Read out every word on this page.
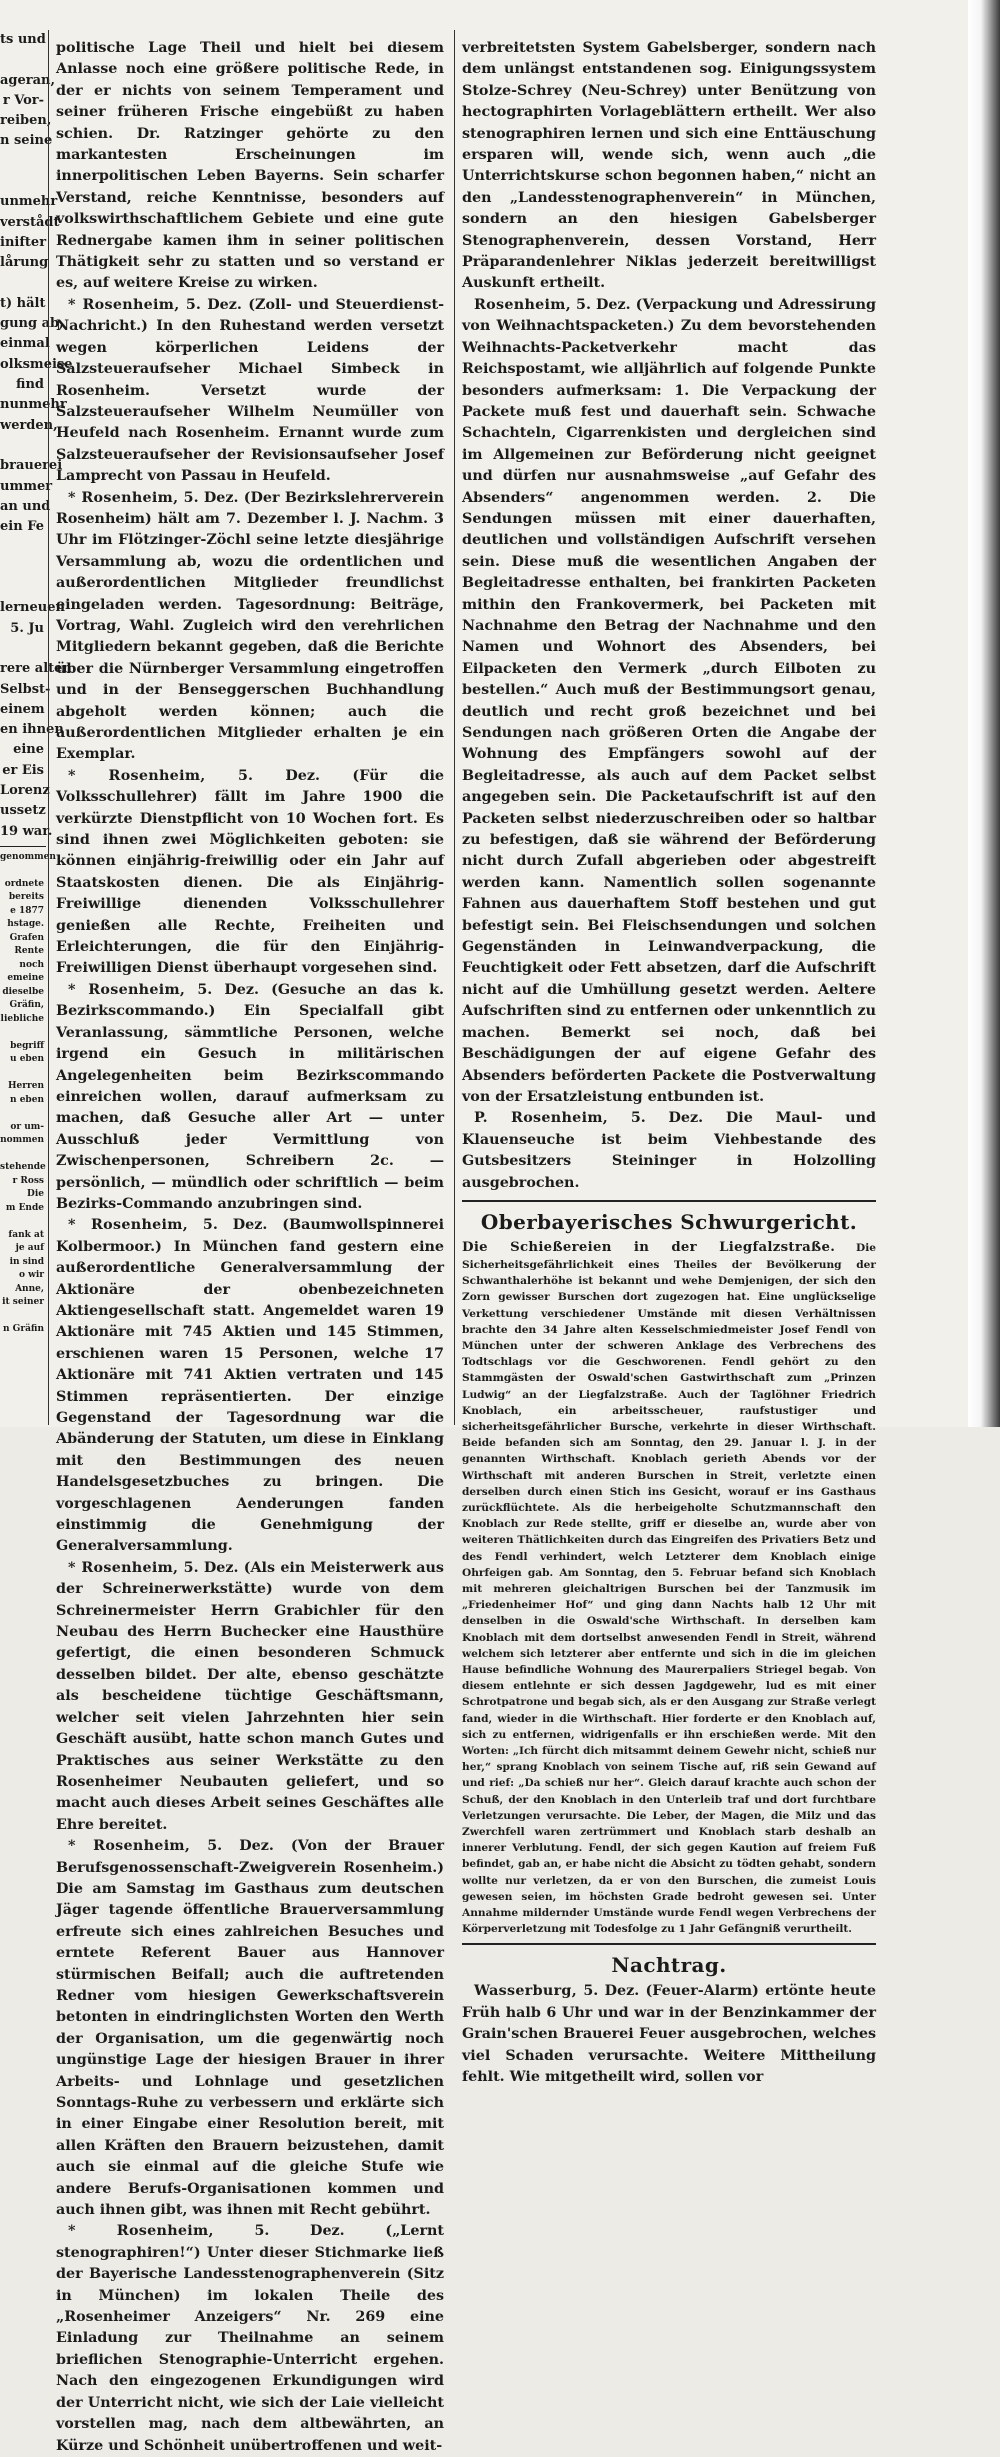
ts und

ageran,
r Vor-
reiben,
n seine

unmehr
verstådt
inifter
lårung

t) hält
gung ab,
einmal
olksmeise
find
nunmehr
werden,

brauerei
ummer
an und
ein Fe

lerneuen
5. Ju

rere alten
Selbst-
einem
en ihnen
eine
er Eis
Lorenz
ussetz
19 war.
genommen

ordnete
bereits
e 1877
hstage.
Grafen
Rente
noch
emeine
dieselbe
Gräfin,
liebliche

begriff
u eben

Herren
n eben

or um-
nommen

stehende
r Ross
Die
m Ende

fank at
je auf
in sind
o wir
Anne,
it seiner

n Gräfin

politische Lage Theil und hielt bei diesem Anlasse noch eine größere politische Rede, in der er nichts von seinem Temperament und seiner früheren Frische eingebüßt zu haben schien. Dr. Ratzinger gehörte zu den markantesten Erscheinungen im innerpolitischen Leben Bayerns. Sein scharfer Verstand, reiche Kenntnisse, besonders auf volkswirthschaftlichem Gebiete und eine gute Rednergabe kamen ihm in seiner politischen Thätigkeit sehr zu statten und so verstand er es, auf weitere Kreise zu wirken.

* Rosenheim, 5. Dez. (Zoll- und Steuerdienst-Nachricht.) In den Ruhestand werden versetzt wegen körperlichen Leidens der Salzsteueraufseher Michael Simbeck in Rosenheim. Versetzt wurde der Salzsteueraufseher Wilhelm Neumüller von Heufeld nach Rosenheim. Ernannt wurde zum Salzsteueraufseher der Revisionsaufseher Josef Lamprecht von Passau in Heufeld.

* Rosenheim, 5. Dez. (Der Bezirkslehrerverein Rosenheim) hält am 7. Dezember l. J. Nachm. 3 Uhr im Flötzinger-Zöchl seine letzte diesjährige Versammlung ab, wozu die ordentlichen und außerordentlichen Mitglieder freundlichst eingeladen werden. Tagesordnung: Beiträge, Vortrag, Wahl. Zugleich wird den verehrlichen Mitgliedern bekannt gegeben, daß die Berichte über die Nürnberger Versammlung eingetroffen und in der Benseggerschen Buchhandlung abgeholt werden können; auch die außerordentlichen Mitglieder erhalten je ein Exemplar.

* Rosenheim, 5. Dez. (Für die Volksschullehrer) fällt im Jahre 1900 die verkürzte Dienstpflicht von 10 Wochen fort. Es sind ihnen zwei Möglichkeiten geboten: sie können einjährig-freiwillig oder ein Jahr auf Staatskosten dienen. Die als Einjährig-Freiwillige dienenden Volksschullehrer genießen alle Rechte, Freiheiten und Erleichterungen, die für den Einjährig-Freiwilligen Dienst überhaupt vorgesehen sind.

* Rosenheim, 5. Dez. (Gesuche an das k. Bezirkscommando.) Ein Specialfall gibt Veranlassung, sämmtliche Personen, welche irgend ein Gesuch in militärischen Angelegenheiten beim Bezirkscommando einreichen wollen, darauf aufmerksam zu machen, daß Gesuche aller Art — unter Ausschluß jeder Vermittlung von Zwischenpersonen, Schreibern 2c. — persönlich, — mündlich oder schriftlich — beim Bezirks-Commando anzubringen sind.

* Rosenheim, 5. Dez. (Baumwollspinnerei Kolbermoor.) In München fand gestern eine außerordentliche Generalversammlung der Aktionäre der obenbezeichneten Aktiengesellschaft statt. Angemeldet waren 19 Aktionäre mit 745 Aktien und 145 Stimmen, erschienen waren 15 Personen, welche 17 Aktionäre mit 741 Aktien vertraten und 145 Stimmen repräsentierten. Der einzige Gegenstand der Tagesordnung war die Abänderung der Statuten, um diese in Einklang mit den Bestimmungen des neuen Handelsgesetzbuches zu bringen. Die vorgeschlagenen Aenderungen fanden einstimmig die Genehmigung der Generalversammlung.

* Rosenheim, 5. Dez. (Als ein Meisterwerk aus der Schreinerwerkstätte) wurde von dem Schreinermeister Herrn Grabichler für den Neubau des Herrn Buchecker eine Hausthüre gefertigt, die einen besonderen Schmuck desselben bildet. Der alte, ebenso geschätzte als bescheidene tüchtige Geschäftsmann, welcher seit vielen Jahrzehnten hier sein Geschäft ausübt, hatte schon manch Gutes und Praktisches aus seiner Werkstätte zu den Rosenheimer Neubauten geliefert, und so macht auch dieses Arbeit seines Geschäftes alle Ehre bereitet.

* Rosenheim, 5. Dez. (Von der Brauer Berufsgenossenschaft-Zweigverein Rosenheim.) Die am Samstag im Gasthaus zum deutschen Jäger tagende öffentliche Brauerversammlung erfreute sich eines zahlreichen Besuches und erntete Referent Bauer aus Hannover stürmischen Beifall; auch die auftretenden Redner vom hiesigen Gewerkschaftsverein betonten in eindringlichsten Worten den Werth der Organisation, um die gegenwärtig noch ungünstige Lage der hiesigen Brauer in ihrer Arbeits- und Lohnlage und gesetzlichen Sonntags-Ruhe zu verbessern und erklärte sich in einer Eingabe einer Resolution bereit, mit allen Kräften den Brauern beizustehen, damit auch sie einmal auf die gleiche Stufe wie andere Berufs-Organisationen kommen und auch ihnen gibt, was ihnen mit Recht gebührt.

* Rosenheim,	5. Dez. („Lernt stenographiren!“) Unter dieser Stichmarke ließ der Bayerische Landesstenographenverein (Sitz in München) im lokalen Theile des „Rosenheimer Anzeigers“ Nr. 269 eine Einladung zur Theilnahme an seinem brieflichen Stenographie-Unterricht ergehen. Nach den eingezogenen Erkundigungen wird der Unterricht nicht, wie sich der Laie vielleicht vorstellen mag, nach dem altbewährten, an Kürze und Schönheit unübertroffenen und weit-

verbreitetsten System Gabelsberger, sondern nach dem unlängst entstandenen sog. Einigungssystem Stolze-Schrey (Neu-Schrey) unter Benützung von hectographirten Vorlageblättern ertheilt. Wer also stenographiren lernen und sich eine Enttäuschung ersparen will, wende sich, wenn auch „die Unterrichtskurse schon begonnen haben,“ nicht an den „Landesstenographenverein“ in München, sondern an den hiesigen Gabelsberger Stenographenverein, dessen Vorstand, Herr Präparandenlehrer Niklas jederzeit bereitwilligst Auskunft ertheilt.

Rosenheim, 5. Dez. (Verpackung und Adressirung von Weihnachtspacketen.) Zu dem bevorstehenden Weihnachts-Packetverkehr macht das Reichspostamt, wie alljährlich auf folgende Punkte besonders aufmerksam: 1. Die Verpackung der Packete muß fest und dauerhaft sein. Schwache Schachteln, Cigarrenkisten und dergleichen sind im Allgemeinen zur Beförderung nicht geeignet und dürfen nur ausnahmsweise „auf Gefahr des Absenders“ angenommen werden. 2. Die Sendungen müssen mit einer dauerhaften, deutlichen und vollständigen Aufschrift versehen sein. Diese muß die wesentlichen Angaben der Begleitadresse enthalten, bei frankirten Packeten mithin den Frankovermerk, bei Packeten mit Nachnahme den Betrag der Nachnahme und den Namen und Wohnort des Absenders, bei Eilpacketen den Vermerk „durch Eilboten zu bestellen.“ Auch muß der Bestimmungsort genau, deutlich und recht groß bezeichnet und bei Sendungen nach größeren Orten die Angabe der Wohnung des Empfängers sowohl auf der Begleitadresse, als auch auf dem Packet selbst angegeben sein. Die Packetaufschrift ist auf den Packeten selbst niederzuschreiben oder so haltbar zu befestigen, daß sie während der Beförderung nicht durch Zufall abgerieben oder abgestreift werden kann. Namentlich sollen sogenannte Fahnen aus dauerhaftem Stoff bestehen und gut befestigt sein. Bei Fleischsendungen und solchen Gegenständen in Leinwandverpackung, die Feuchtigkeit oder Fett absetzen, darf die Aufschrift nicht auf die Umhüllung gesetzt werden. Aeltere Aufschriften sind zu entfernen oder unkenntlich zu machen. Bemerkt sei noch, daß bei Beschädigungen der auf eigene Gefahr des Absenders beförderten Packete die Postverwaltung von der Ersatzleistung entbunden ist.

P. Rosenheim, 5. Dez. Die Maul- und Klauenseuche ist beim Viehbestande des Gutsbesitzers Steininger in Holzolling ausgebrochen.

Oberbayerisches Schwurgericht.

Die Schießereien in der Liegfalzstraße. Die Sicherheitsgefährlichkeit eines Theiles der Bevölkerung der Schwanthalerhöhe ist bekannt und wehe Demjenigen, der sich den Zorn gewisser Burschen dort zugezogen hat. Eine unglückselige Verkettung verschiedener Umstände mit diesen Verhältnissen brachte den 34 Jahre alten Kesselschmiedmeister Josef Fendl von München unter der schweren Anklage des Verbrechens des Todtschlags vor die Geschworenen. Fendl gehört zu den Stammgästen der Oswald'schen Gastwirthschaft zum „Prinzen Ludwig“ an der Liegfalzstraße. Auch der Taglöhner Friedrich Knoblach, ein arbeitsscheuer, raufstustiger und sicherheitsgefährlicher Bursche, verkehrte in dieser Wirthschaft. Beide befanden sich am Sonntag, den 29. Januar l. J. in der genannten Wirthschaft. Knoblach gerieth Abends vor der Wirthschaft mit anderen Burschen in Streit, verletzte einen derselben durch einen Stich ins Gesicht, worauf er ins Gasthaus zurückflüchtete. Als die herbeigeholte Schutzmannschaft den Knoblach zur Rede stellte, griff er dieselbe an, wurde aber von weiteren Thätlichkeiten durch das Eingreifen des Privatiers Betz und des Fendl verhindert, welch Letzterer dem Knoblach einige Ohrfeigen gab. Am Sonntag, den 5. Februar befand sich Knoblach mit mehreren gleichaltrigen Burschen bei der Tanzmusik im „Friedenheimer Hof“ und ging dann Nachts halb 12 Uhr mit denselben in die Oswald'sche Wirthschaft. In derselben kam Knoblach mit dem dortselbst anwesenden Fendl in Streit, während welchem sich letzterer aber entfernte und sich in die im gleichen Hause befindliche Wohnung des Maurerpaliers Striegel begab. Von diesem entlehnte er sich dessen Jagdgewehr, lud es mit einer Schrotpatrone und begab sich, als er den Ausgang zur Straße verlegt fand, wieder in die Wirthschaft. Hier forderte er den Knoblach auf, sich zu entfernen, widrigenfalls er ihn erschießen werde. Mit den Worten: „Ich fürcht dich mitsammt deinem Gewehr nicht, schieß nur her,“ sprang Knoblach von seinem Tische auf, riß sein Gewand auf und rief: „Da schieß nur her“. Gleich darauf krachte auch schon der Schuß, der den Knoblach in den Unterleib traf und dort furchtbare Verletzungen verursachte. Die Leber, der Magen, die Milz und das Zwerchfell waren zertrümmert und Knoblach starb deshalb an innerer Verblutung. Fendl, der sich gegen Kaution auf freiem Fuß befindet, gab an, er habe nicht die Absicht zu tödten gehabt, sondern wollte nur verletzen, da er von den Burschen, die zumeist Louis gewesen seien, im höchsten Grade bedroht gewesen sei. Unter Annahme mildernder Umstände wurde Fendl wegen Verbrechens der Körperverletzung mit Todesfolge zu 1 Jahr Gefängniß verurtheilt.

Nachtrag.

Wasserburg, 5. Dez. (Feuer-Alarm) ertönte heute Früh halb 6 Uhr und war in der Benzinkammer der Grain'schen Brauerei Feuer ausgebrochen, welches viel Schaden verursachte. Weitere Mittheilung fehlt. Wie mitgetheilt wird, sollen vor
